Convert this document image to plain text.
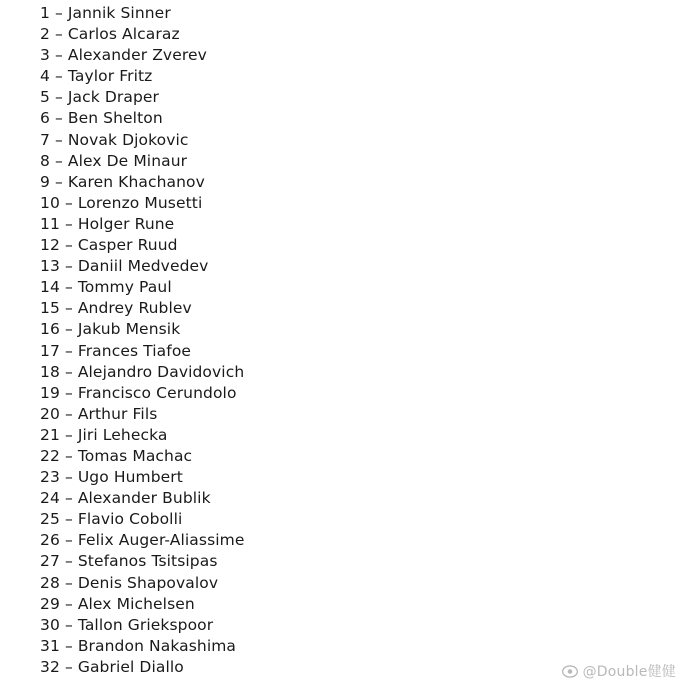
1 – Jannik Sinner
2 – Carlos Alcaraz
3 – Alexander Zverev
4 – Taylor Fritz
5 – Jack Draper
6 – Ben Shelton
7 – Novak Djokovic
8 – Alex De Minaur
9 – Karen Khachanov
10 – Lorenzo Musetti
11 – Holger Rune
12 – Casper Ruud
13 – Daniil Medvedev
14 – Tommy Paul
15 – Andrey Rublev
16 – Jakub Mensik
17 – Frances Tiafoe
18 – Alejandro Davidovich
19 – Francisco Cerundolo
20 – Arthur Fils
21 – Jiri Lehecka
22 – Tomas Machac
23 – Ugo Humbert
24 – Alexander Bublik
25 – Flavio Cobolli
26 – Felix Auger-Aliassime
27 – Stefanos Tsitsipas
28 – Denis Shapovalov
29 – Alex Michelsen
30 – Tallon Griekspoor
31 – Brandon Nakashima
32 – Gabriel Diallo	@Double健健
